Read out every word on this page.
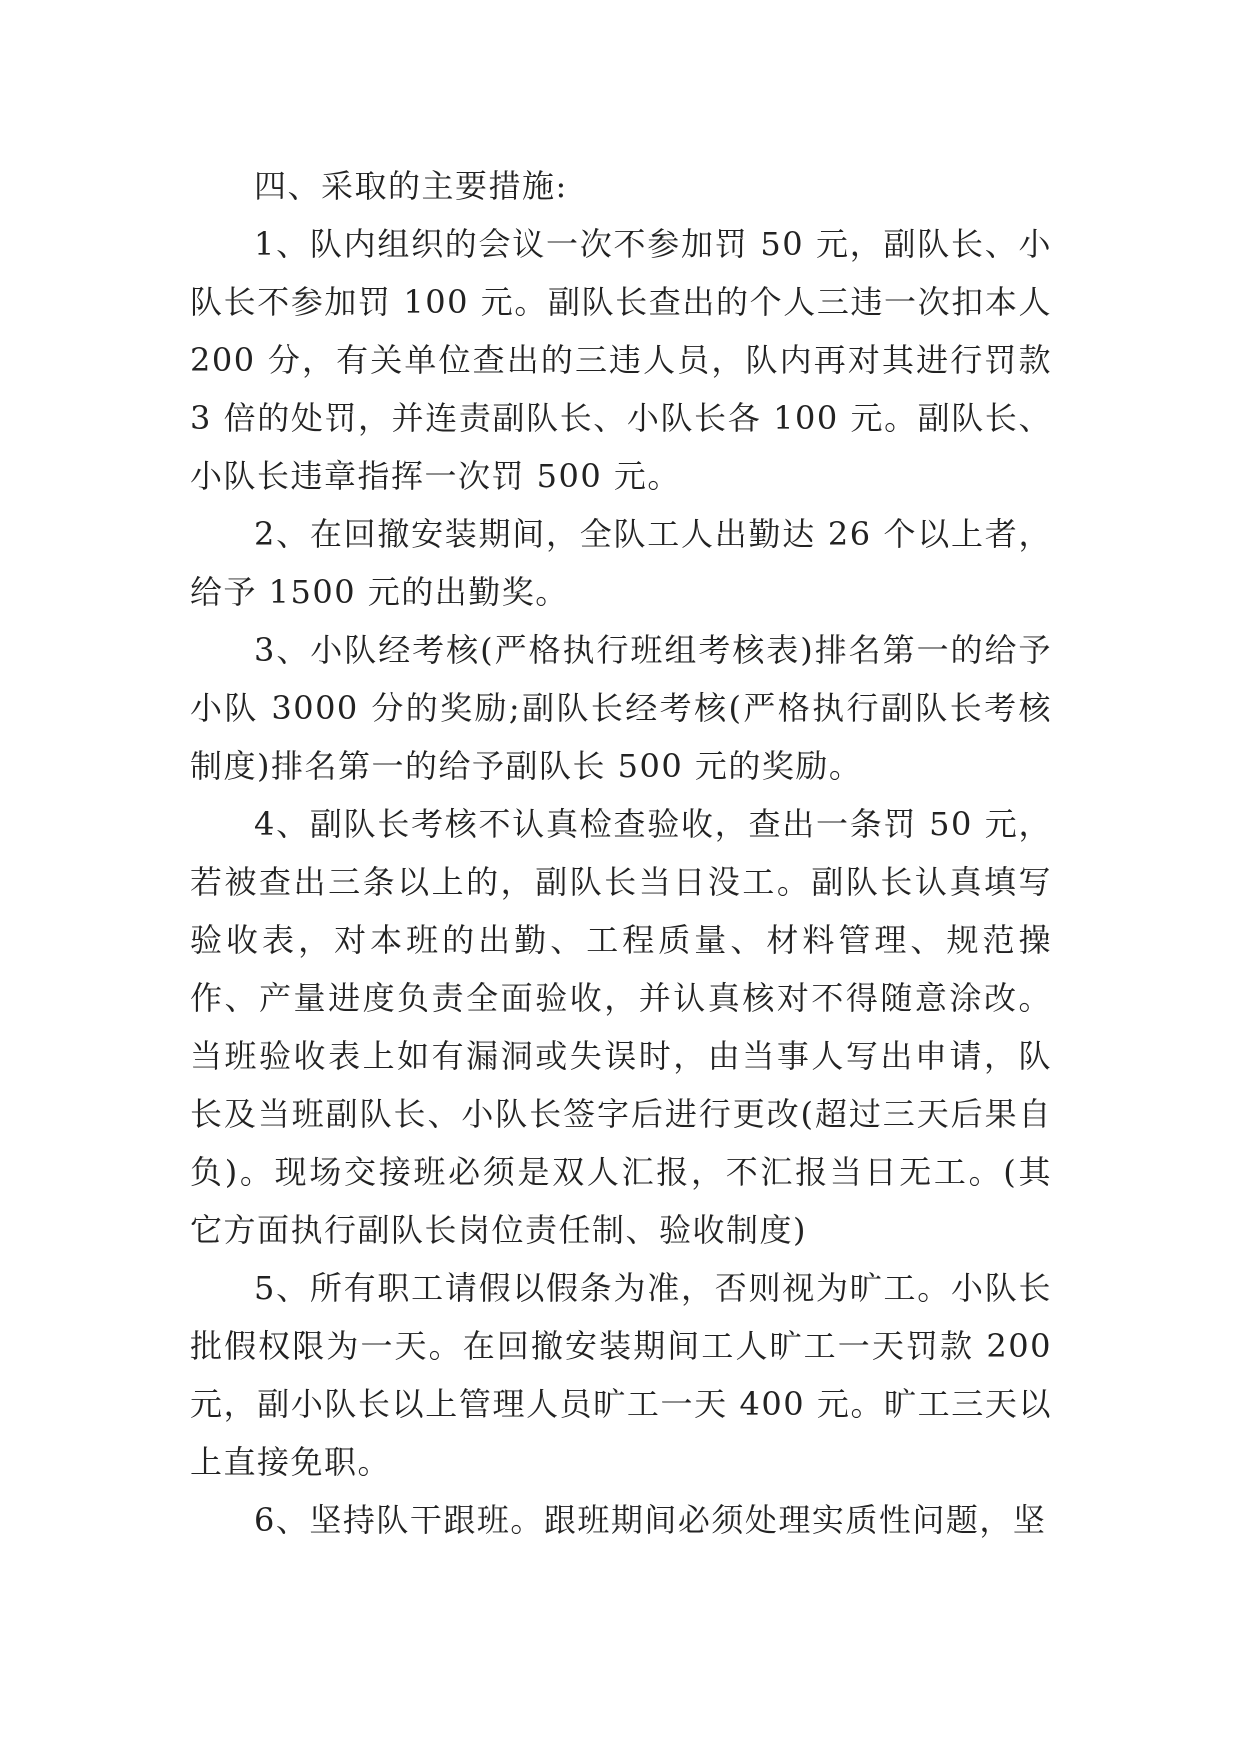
四、采取的主要措施:

1、队内组织的会议一次不参加罚 50 元，副队长、小队长不参加罚 100 元。副队长查出的个人三违一次扣本人 200 分，有关单位查出的三违人员，队内再对其进行罚款 3 倍的处罚，并连责副队长、小队长各 100 元。副队长、小队长违章指挥一次罚 500 元。

2、在回撤安装期间，全队工人出勤达 26 个以上者，给予 1500 元的出勤奖。

3、小队经考核(严格执行班组考核表)排名第一的给予小队 3000 分的奖励;副队长经考核(严格执行副队长考核制度)排名第一的给予副队长 500 元的奖励。

4、副队长考核不认真检查验收，查出一条罚 50 元，若被查出三条以上的，副队长当日没工。副队长认真填写验收表，对本班的出勤、工程质量、材料管理、规范操作、产量进度负责全面验收，并认真核对不得随意涂改。当班验收表上如有漏洞或失误时，由当事人写出申请，队长及当班副队长、小队长签字后进行更改(超过三天后果自负)。现场交接班必须是双人汇报，不汇报当日无工。(其它方面执行副队长岗位责任制、验收制度)

5、所有职工请假以假条为准，否则视为旷工。小队长批假权限为一天。在回撤安装期间工人旷工一天罚款 200 元，副小队长以上管理人员旷工一天 400 元。旷工三天以上直接免职。

6、坚持队干跟班。跟班期间必须处理实质性问题，坚
